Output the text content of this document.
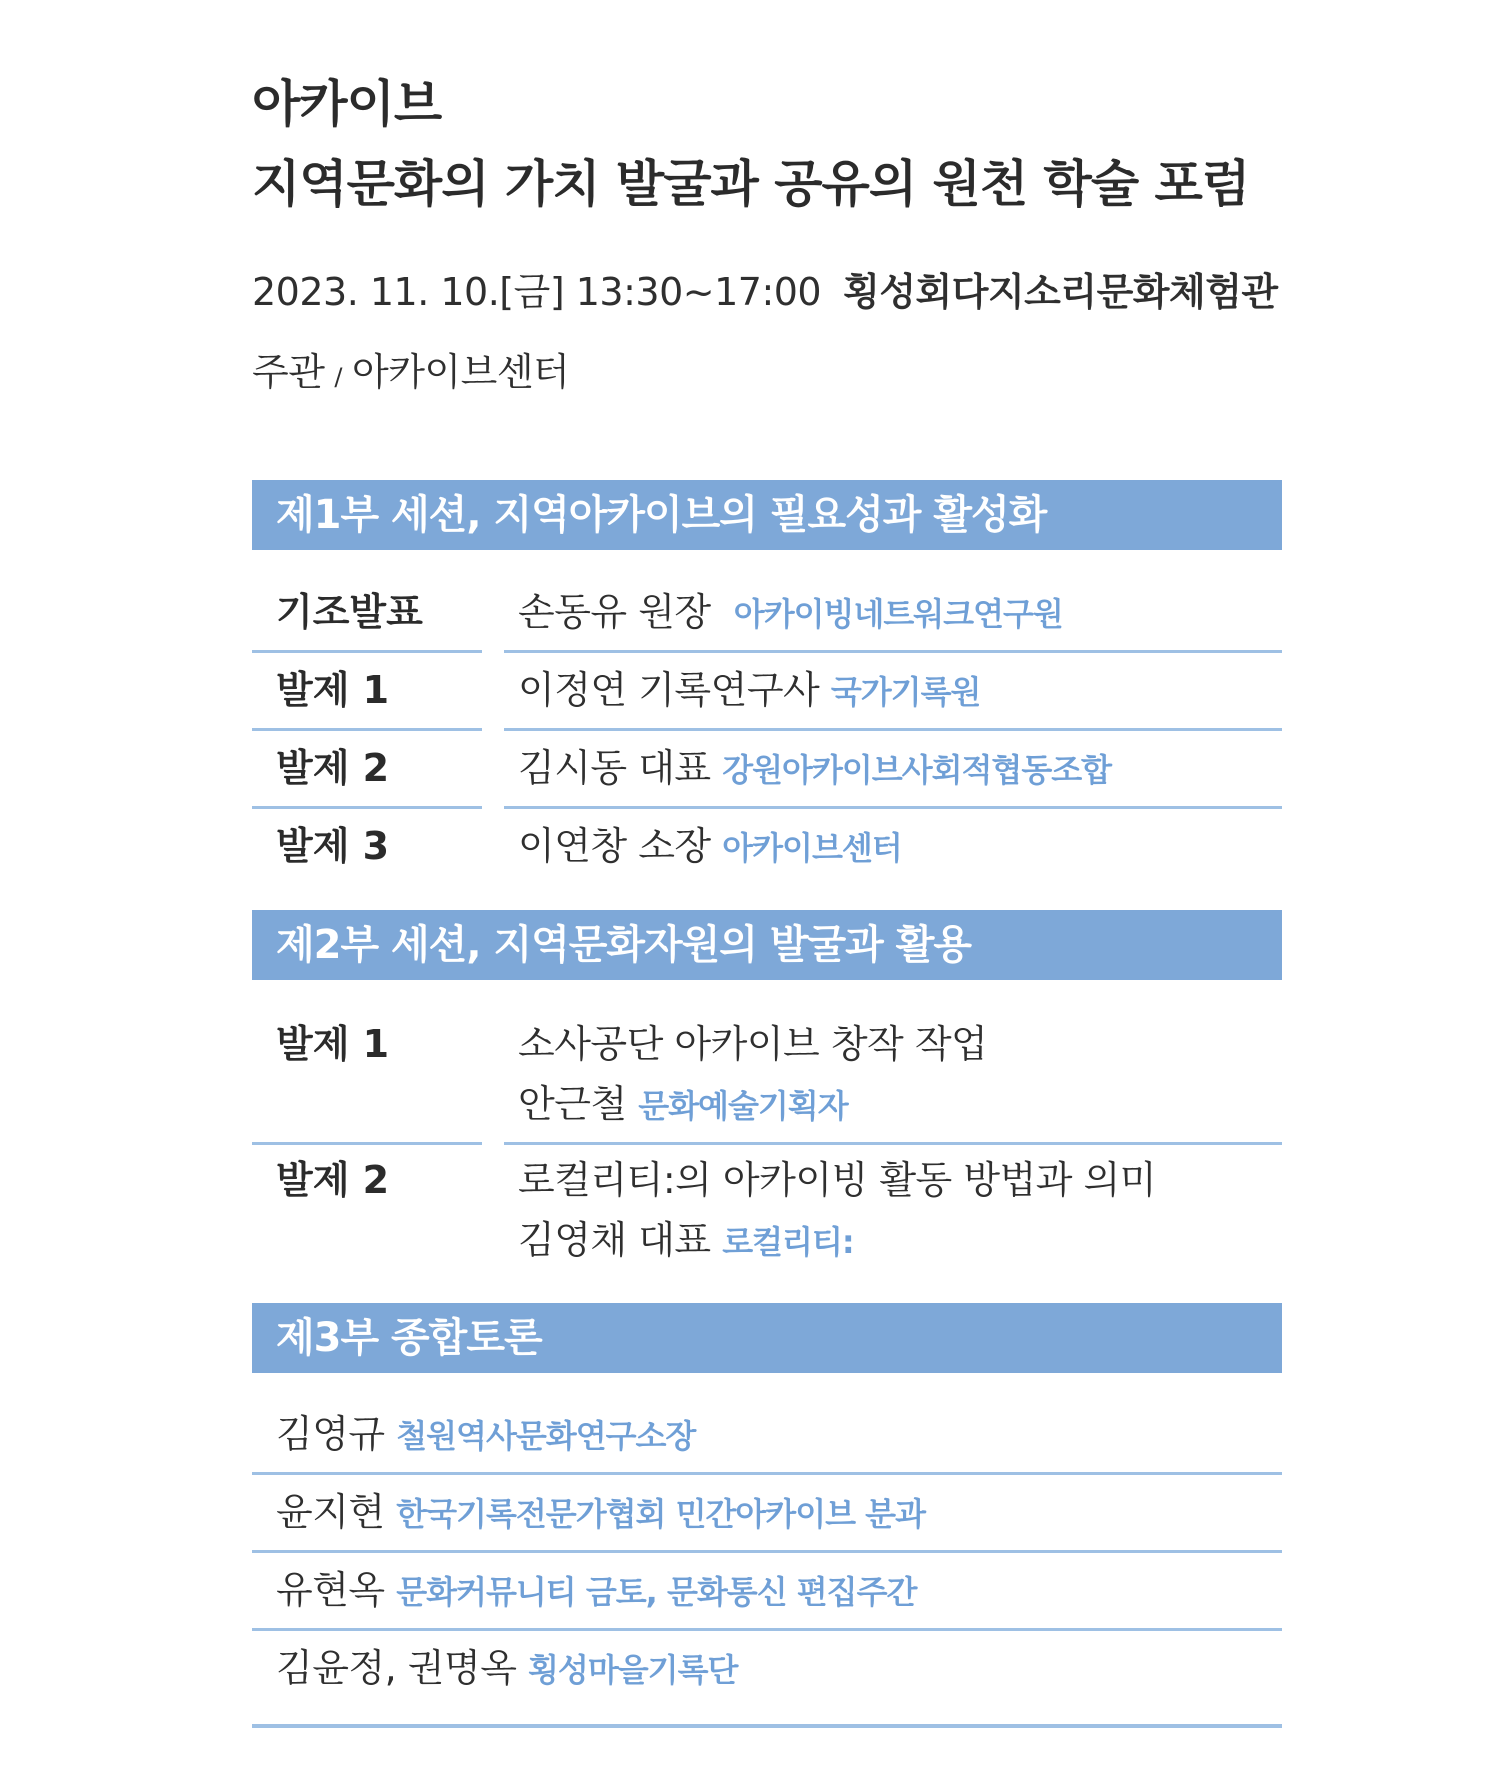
아카이브
지역문화의 가치 발굴과 공유의 원천 학술 포럼
2023. 11. 10.[금] 13:30~17:00 횡성회다지소리문화체험관
주관 / 아카이브센터
제1부 세션, 지역아카이브의 필요성과 활성화
기조발표	손동유 원장 아카이빙네트워크연구원
발제 1	이정연 기록연구사 국가기록원
발제 2	김시동 대표 강원아카이브사회적협동조합
발제 3	이연창 소장 아카이브센터
제2부 세션, 지역문화자원의 발굴과 활용
발제 1	소사공단 아카이브 창작 작업
안근철 문화예술기획자
발제 2	로컬리티:의 아카이빙 활동 방법과 의미
김영채 대표 로컬리티:
제3부 종합토론
김영규 철원역사문화연구소장
윤지현 한국기록전문가협회 민간아카이브 분과
유현옥 문화커뮤니티 금토, 문화통신 편집주간
김윤정, 권명옥 횡성마을기록단
